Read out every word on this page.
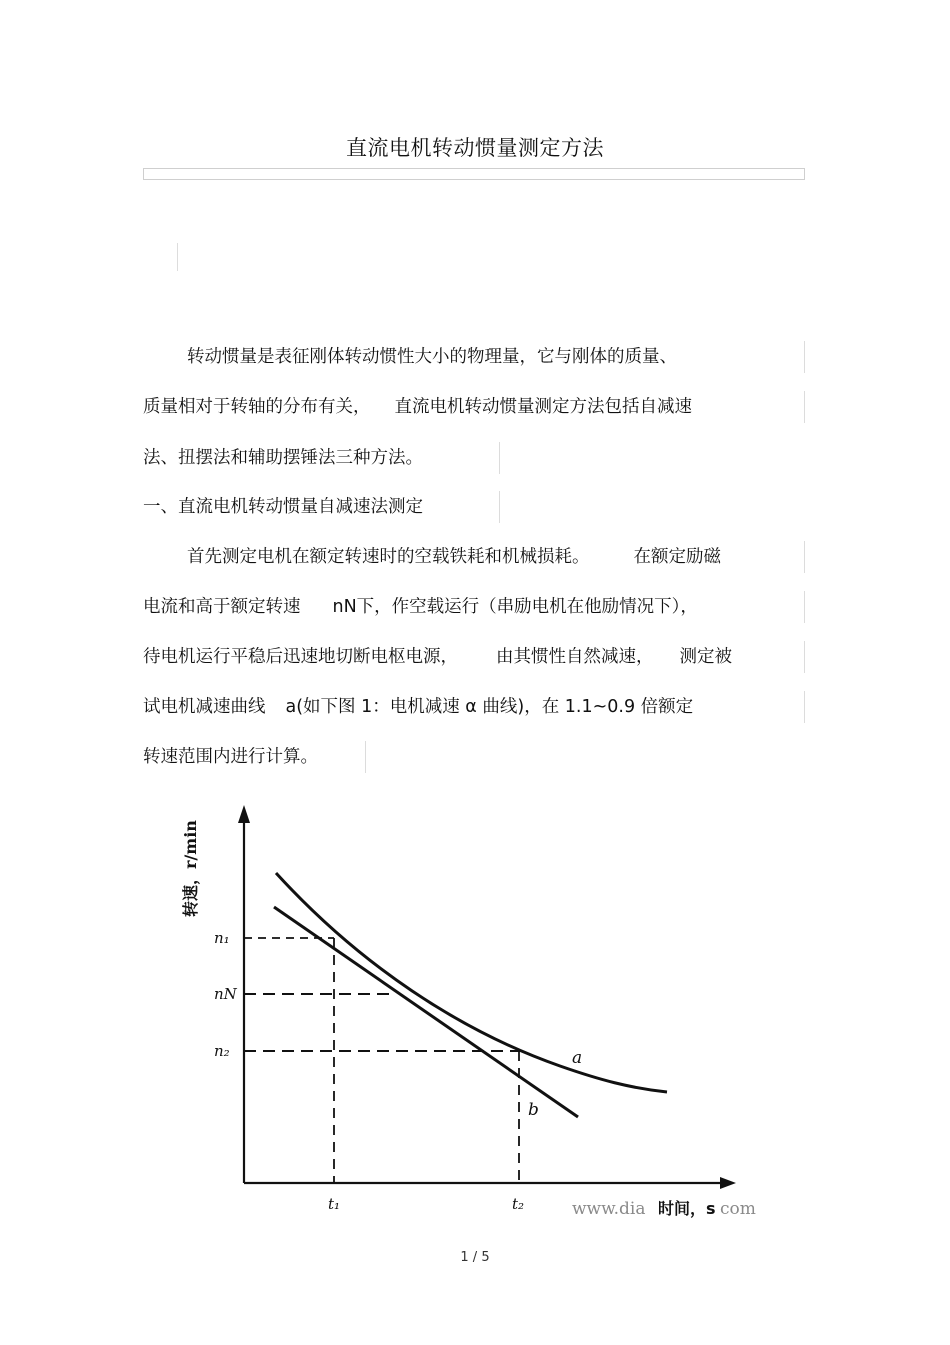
直流电机转动惯量测定方法
转动惯量是表征刚体转动惯性大小的物理量，它与刚体的质量、
质量相对于转轴的分布有关， 直流电机转动惯量测定方法包括自减速
法、扭摆法和辅助摆锤法三种方法。
一、直流电机转动惯量自减速法测定
首先测定电机在额定转速时的空载铁耗和机械损耗。	在额定励磁
电流和高于额定转速 nN下，作空载运行（串励电机在他励情况下），
待电机运行平稳后迅速地切断电枢电源， 由其惯性自然减速， 测定被
试电机减速曲线 a(如下图 1：电机减速 α 曲线)，在 1.1~0.9 倍额定
转速范围内进行计算。
转速，r/min
n₁
nN
n₂
t₁	t₂
a
b
www.dia 时间，s com
1 / 5
